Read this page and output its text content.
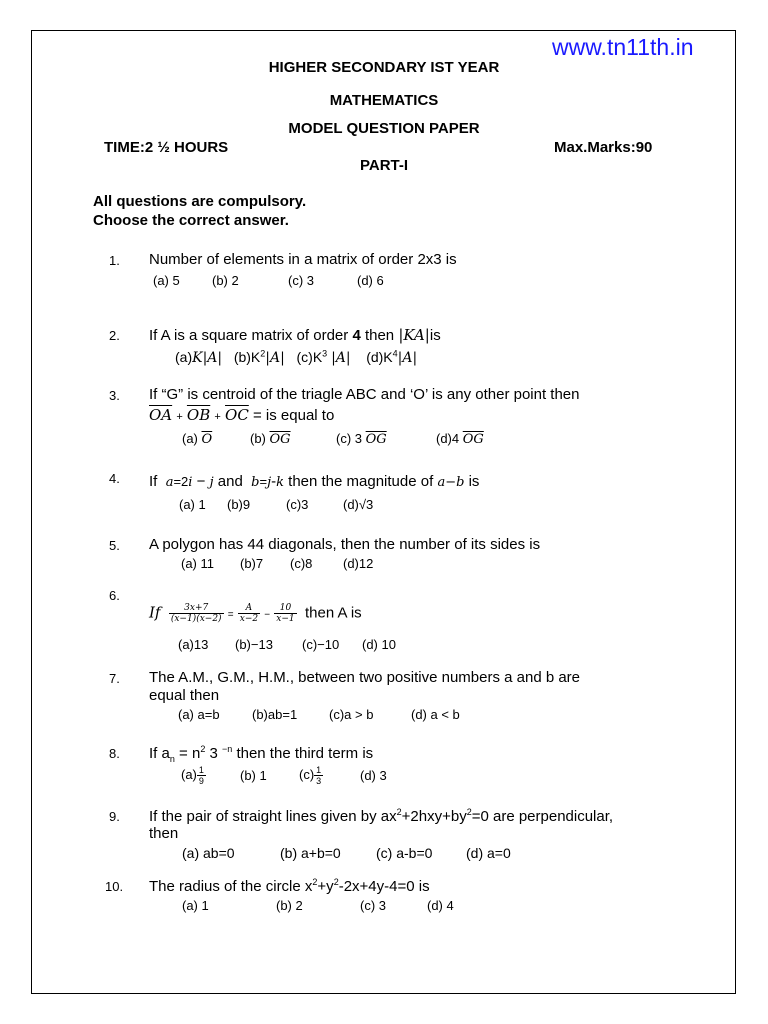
www.tn11th.in
HIGHER SECONDARY IST YEAR
MATHEMATICS
MODEL QUESTION PAPER
TIME:2 ½ HOURS	Max.Marks:90
PART-I
All questions are compulsory.
Choose the correct answer.
1. Number of elements in a matrix of order 2x3 is
(a) 5 (b) 2	(c) 3	(d) 6
2. If A is a square matrix of order 4 then |KA|is
(a)K|A| $(b)K^2|A|$ $(c)K^3$ |A| $(d)K^4|A|$
3. If “G” is centroid of the triagle ABC and ‘O’ is any other point then
$\overline{OA} + \overline{OB} + \overline{OC}$ = is equal to
(a) $\overline{O}$	(b) $\overline{OG}$	(c) 3 $\overline{OG}$	(d)4 $\overline{OG}$
4. If a=2i − j and  b=j-k then the magnitude of a−b is
(a) 1 (b)9	(c)3	(d)√3
5. A polygon has 44 diagonals, then the number of its sides is
(a) 11 (b)7 (c)8 (d)12
6.
If $\frac{3x+7}{(x-1)(x-2)} = \frac{A}{x-2} - \frac{10}{x-1}$ then A is
(a)13 (b)−13 (c)−10 (d) 10
7. The A.M., G.M., H.M., between two positive numbers a and b are
equal then
(a) a=b (b)ab=1 (c)a > b	(d) a < b
8. If $a_n = n^2$ 3 $^{-n}$ then the third term is
$(a) \frac{1}{9}$	(b) 1 $(c) \frac{1}{3}$	(d) 3
9. If the pair of straight lines given by $ax^2+2hxy+by^2=0$ are perpendicular,
then
(a) ab=0	(b) a+b=0	(c) a-b=0 (d) a=0
10. The radius of the circle $x^2+y^2-2x+4y-4=0$ is
(a) 1	(b) 2	(c) 3	(d) 4
